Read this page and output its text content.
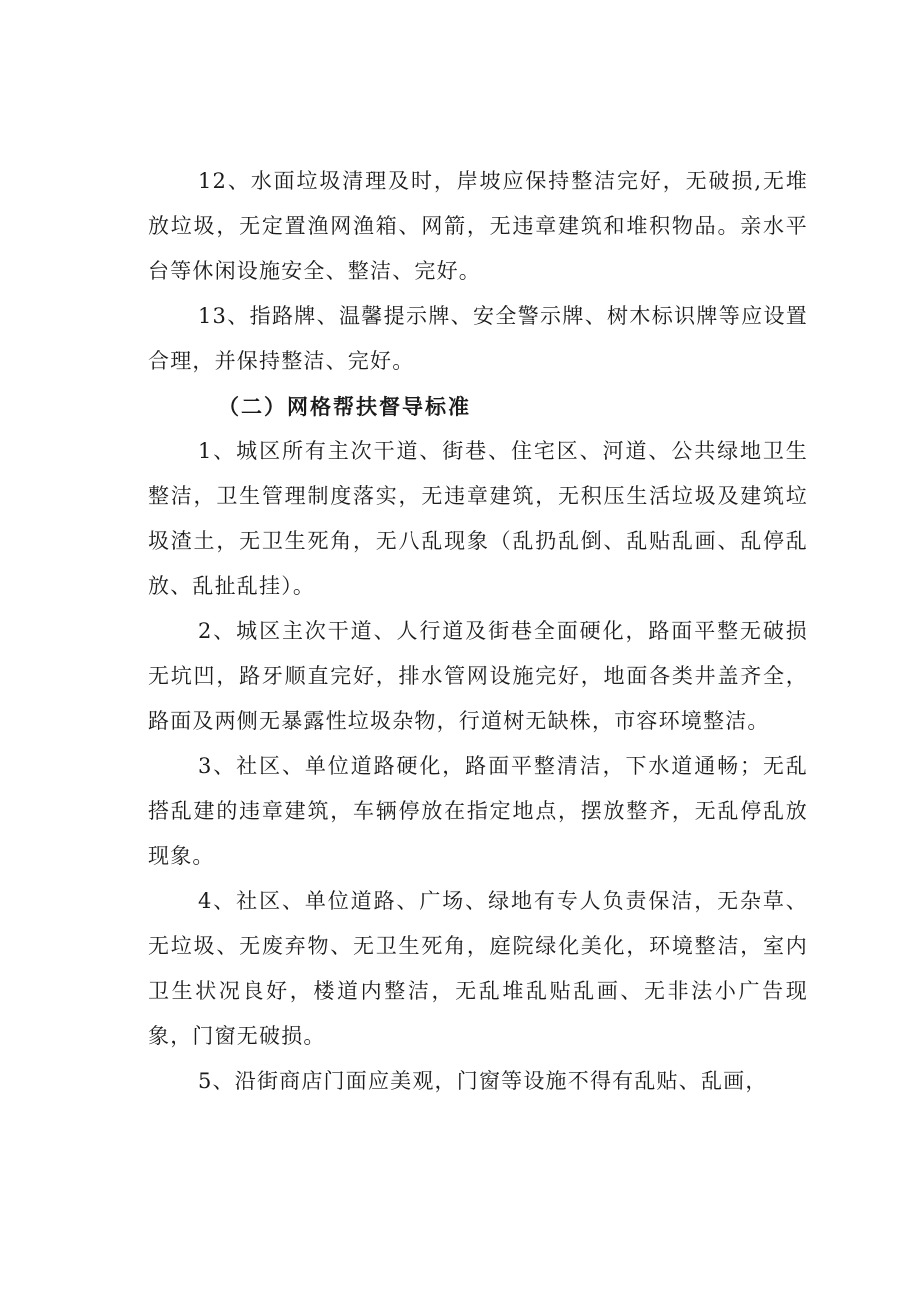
12、水面垃圾清理及时，岸坡应保持整洁完好，无破损,无堆放垃圾，无定置渔网渔箱、网箭，无违章建筑和堆积物品。亲水平台等休闲设施安全、整洁、完好。

13、指路牌、温馨提示牌、安全警示牌、树木标识牌等应设置合理，并保持整洁、完好。

（二）网格帮扶督导标准

1、城区所有主次干道、街巷、住宅区、河道、公共绿地卫生整洁，卫生管理制度落实，无违章建筑，无积压生活垃圾及建筑垃圾渣土，无卫生死角，无八乱现象（乱扔乱倒、乱贴乱画、乱停乱放、乱扯乱挂）。

2、城区主次干道、人行道及街巷全面硬化，路面平整无破损无坑凹，路牙顺直完好，排水管网设施完好，地面各类井盖齐全，路面及两侧无暴露性垃圾杂物，行道树无缺株，市容环境整洁。

3、社区、单位道路硬化，路面平整清洁，下水道通畅；无乱搭乱建的违章建筑，车辆停放在指定地点，摆放整齐，无乱停乱放现象。

4、社区、单位道路、广场、绿地有专人负责保洁，无杂草、无垃圾、无废弃物、无卫生死角，庭院绿化美化，环境整洁，室内卫生状况良好，楼道内整洁，无乱堆乱贴乱画、无非法小广告现象，门窗无破损。

5、沿街商店门面应美观，门窗等设施不得有乱贴、乱画，
